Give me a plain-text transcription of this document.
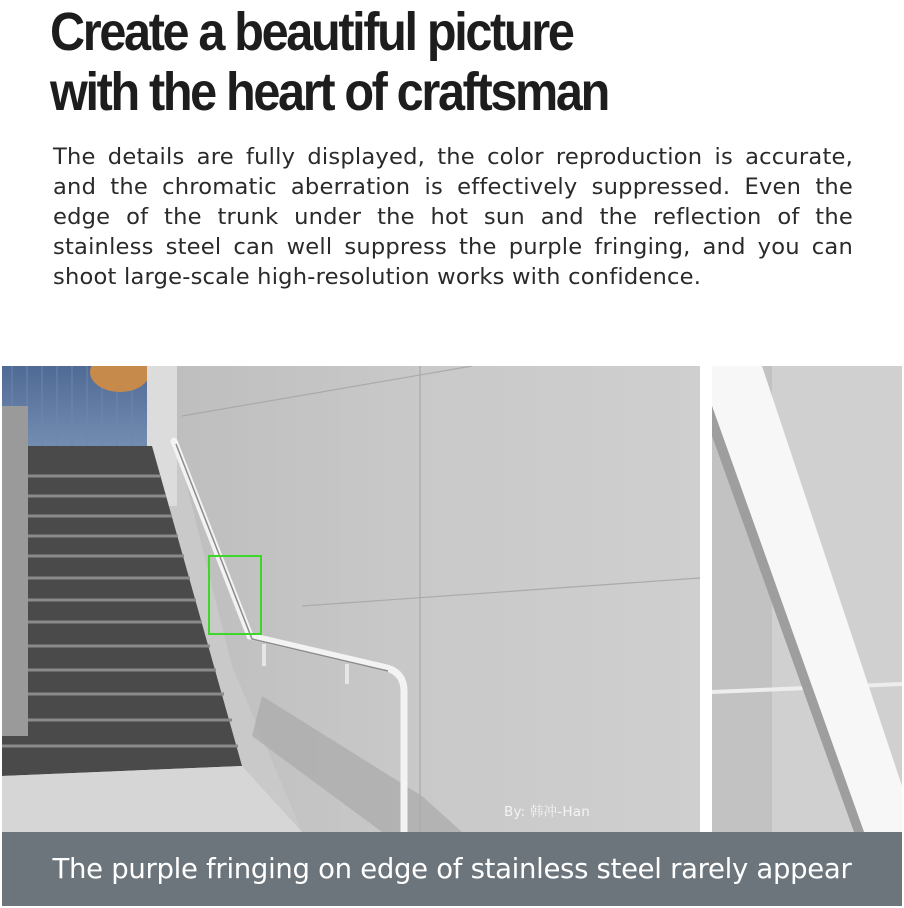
Create a beautiful picture
with the heart of craftsman

The details are fully displayed, the color reproduction is accurate, and the chromatic aberration is effectively suppressed. Even the edge of the trunk under the hot sun and the reflection of the stainless steel can well suppress the purple fringing, and you can shoot large-scale high-resolution works with confidence.

By: 韩冲-Han
The purple fringing on edge of stainless steel rarely appear
